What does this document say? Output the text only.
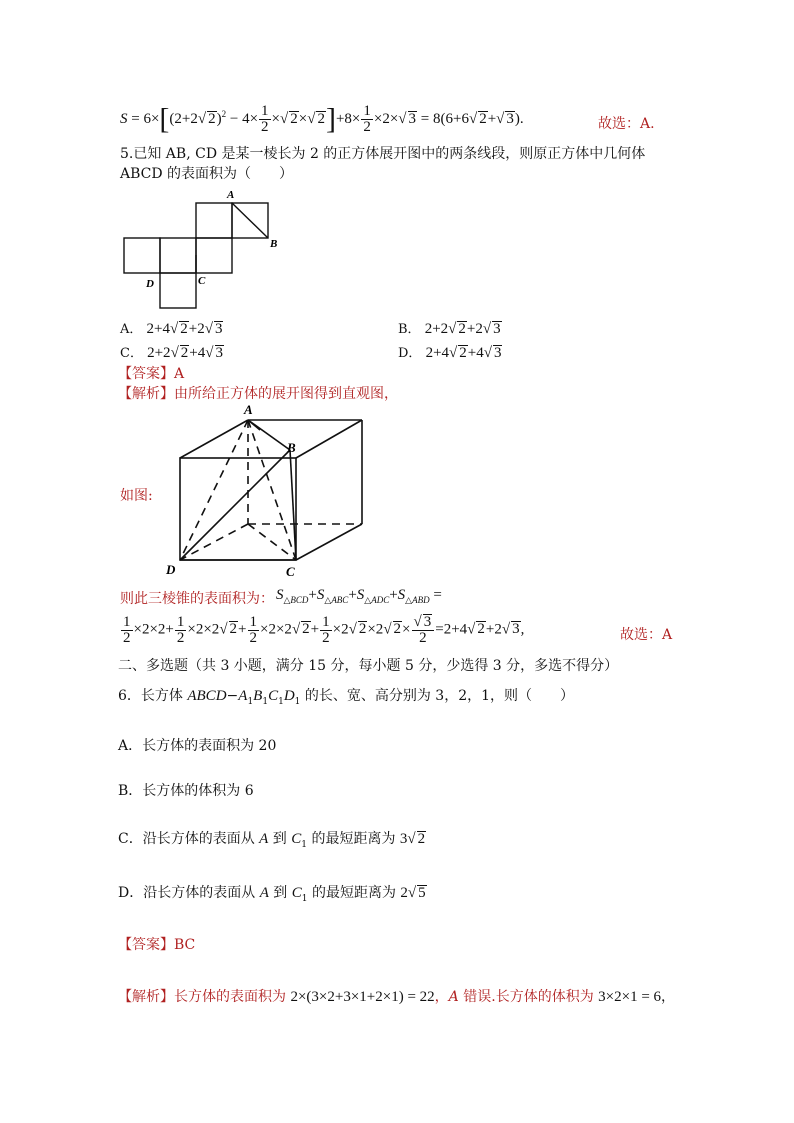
S = 6×[(2+2√ $2)^2 - 4\times \frac{1}{2}$ ×√ 2×√ $2]+8\times \frac{1}{2} \times 2\times√$ 3 = 8(6+6√ 2+√ 3).	故选：A.
5.已知 AB, CD 是某一棱长为 2 的正方体展开图中的两条线段，则原正方体中几何体
ABCD 的表面积为（　　）
A
B
C
D
A． 2+4√ 2+2√ 3	B． 2+2√ 2+2√ 3
C． 2+2√ 2+4√ 3	D． 2+4√ 2+4√ 3
【答案】A
【解析】由所给正方体的展开图得到直观图，
如图:
A
B
C
D
则此三棱锥的表面积为： $S_{\triangle BCD}+S_{\triangle ABC}+S_{\triangle ADC}+S_{\triangle ABD}$ =
$\frac{1}{2} \times 2\times 2+ \frac{1}{2} \times 2\times 2√$ $2+ \frac{1}{2} \times 2\times 2√$ $2+ \frac{1}{2} \times 2√$ 2×2√ $2\times \frac{√ 3}{2} =2+4√$ 2+2√ 3,	故选：A
二、多选题（共 3 小题，满分 15 分，每小题 5 分，少选得 3 分，多选不得分）
6．长方体 $ABCD-A_1B_1C_1D_1$ 的长、宽、高分别为 3，2，1，则（　　）
A．长方体的表面积为 20
B．长方体的体积为 6
C．沿长方体的表面从 A 到 $C_1$ 的最短距离为 3√ 2
D．沿长方体的表面从 A 到 $C_1$ 的最短距离为 2√ 5
【答案】BC
【解析】长方体的表面积为 2×(3×2+3×1+2×1) = 22，A 错误.长方体的体积为 3×2×1 = 6，
